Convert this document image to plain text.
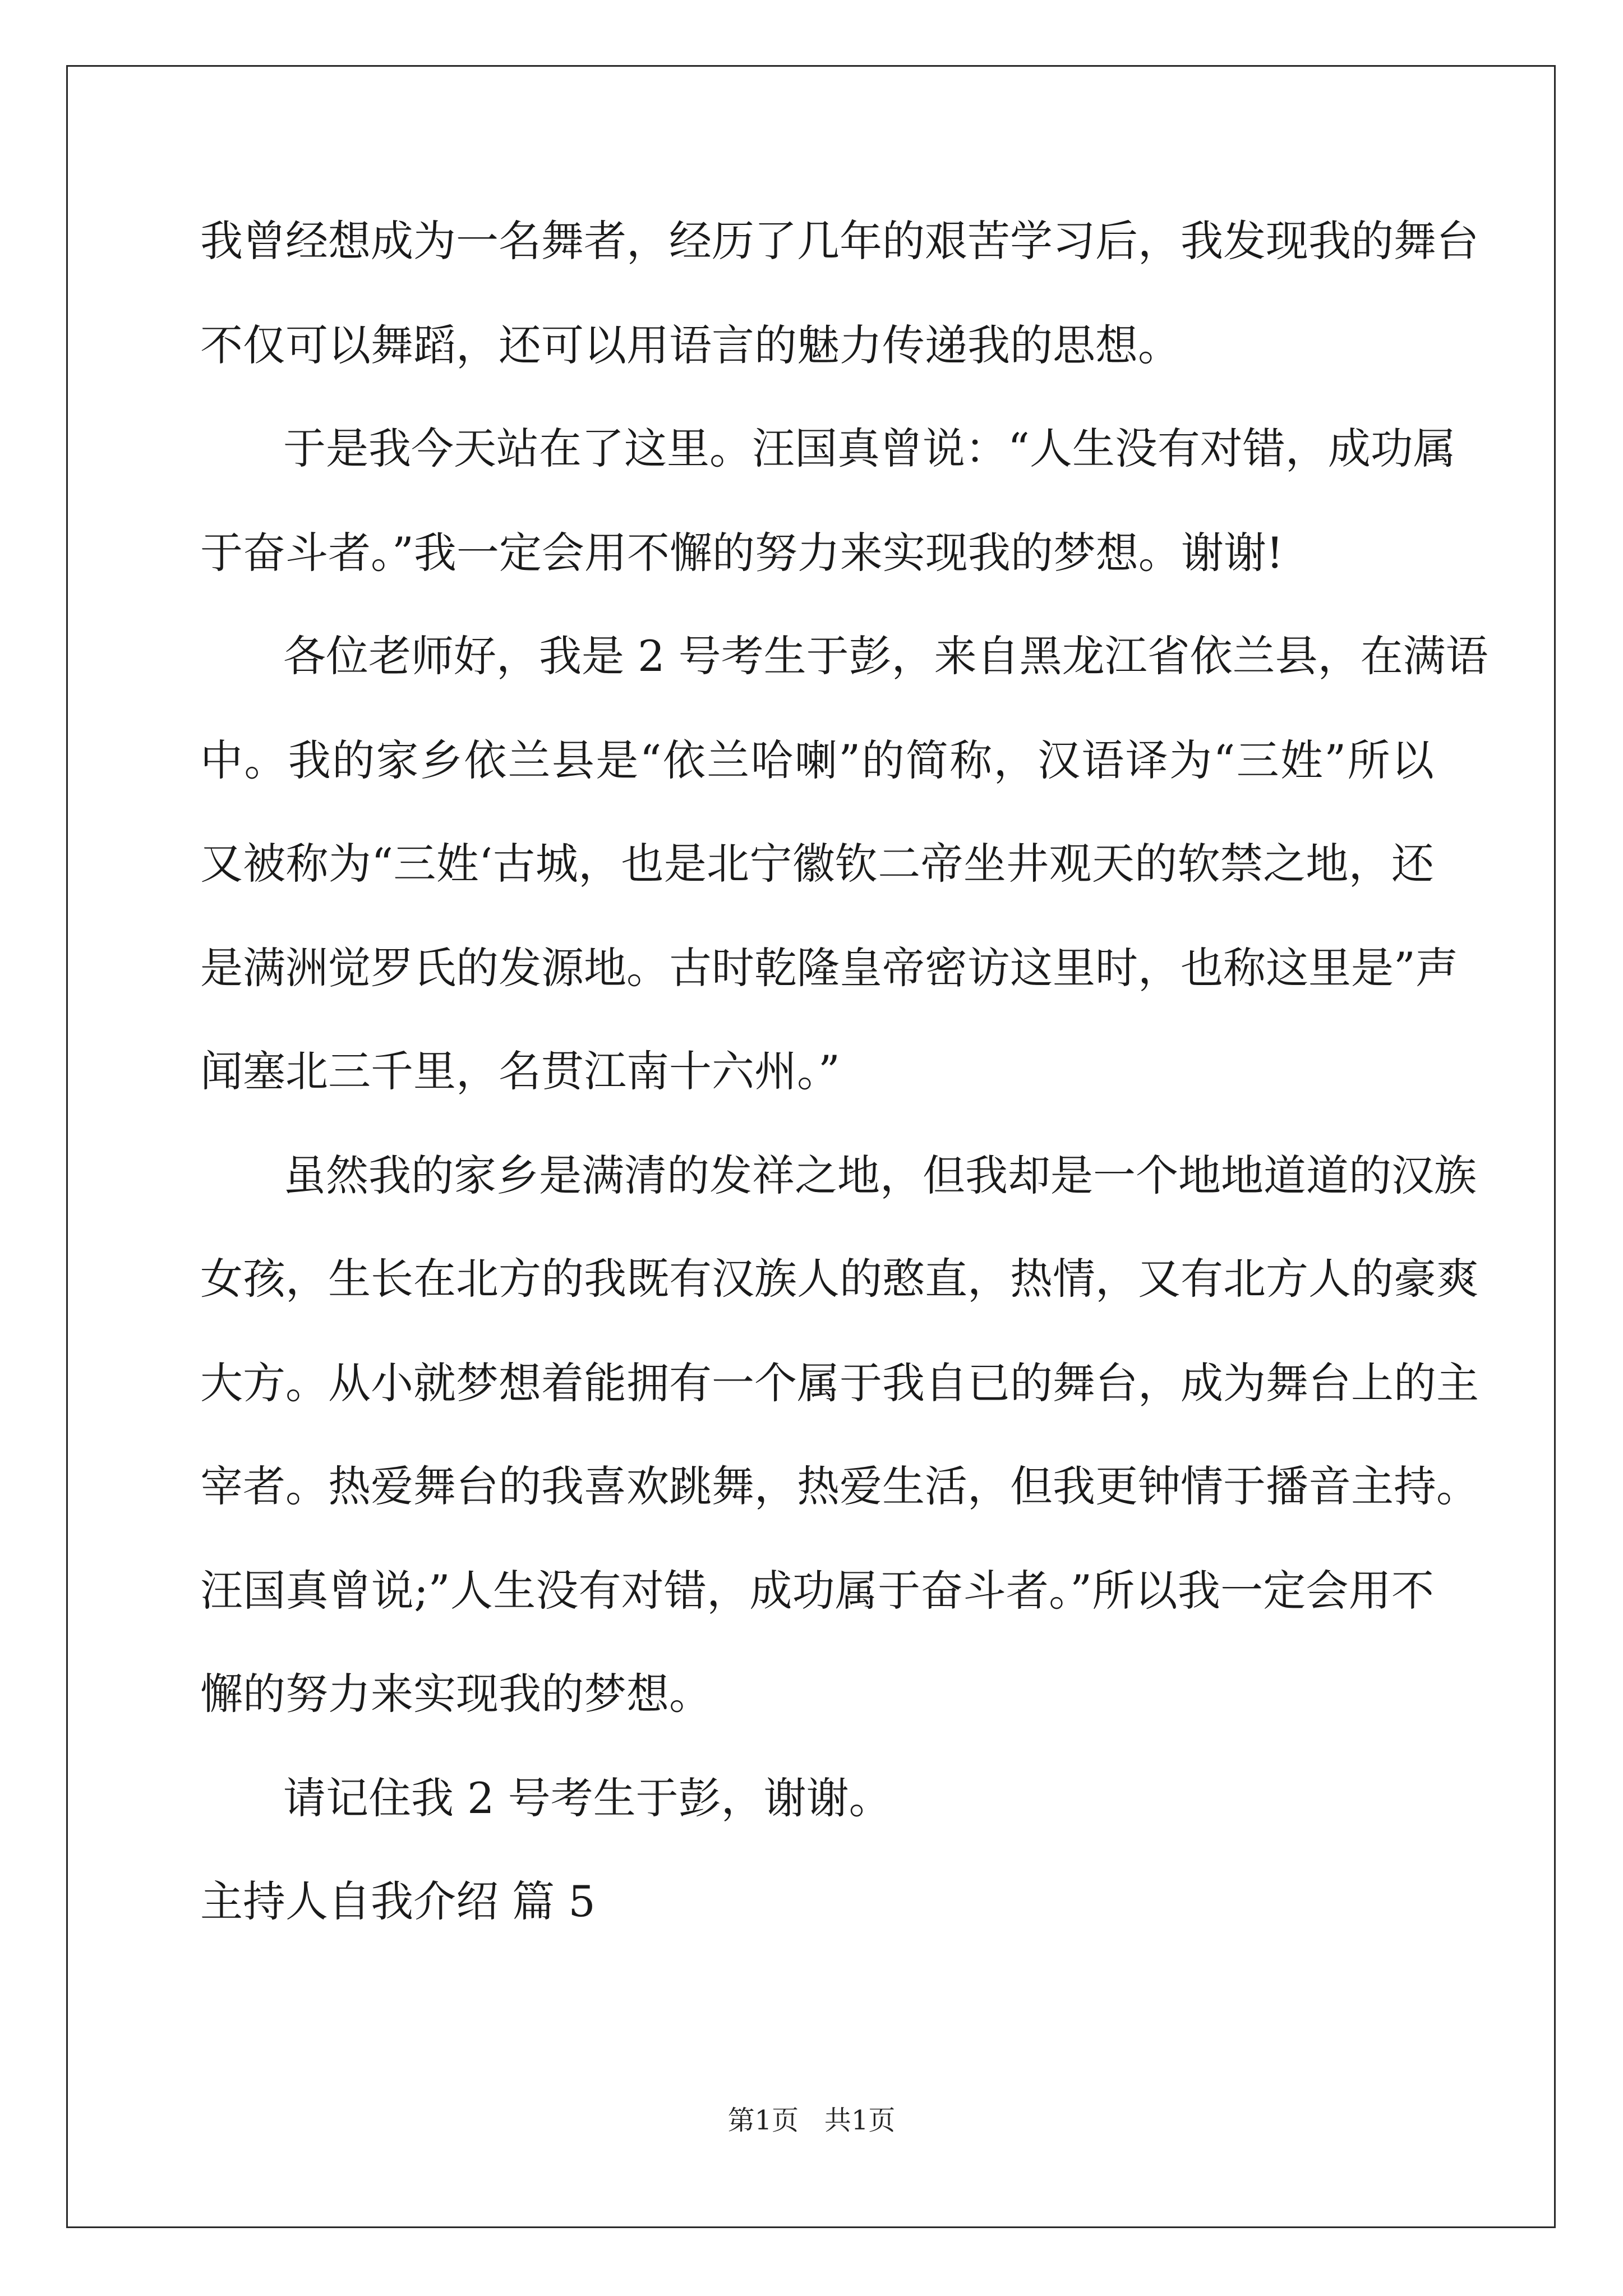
我曾经想成为一名舞者，经历了几年的艰苦学习后，我发现我的舞台
不仅可以舞蹈，还可以用语言的魅力传递我的思想。
于是我今天站在了这里。汪国真曾说：“人生没有对错，成功属
于奋斗者。”我一定会用不懈的努力来实现我的梦想。谢谢!
各位老师好，我是 2 号考生于彭，来自黑龙江省依兰县，在满语
中。我的家乡依兰县是“依兰哈喇”的简称，汉语译为“三姓”所以
又被称为“三姓‘古城，也是北宁徽钦二帝坐井观天的软禁之地，还
是满洲觉罗氏的发源地。古时乾隆皇帝密访这里时，也称这里是”声
闻塞北三千里，名贯江南十六州。”
虽然我的家乡是满清的发祥之地，但我却是一个地地道道的汉族
女孩，生长在北方的我既有汉族人的憨直，热情，又有北方人的豪爽
大方。从小就梦想着能拥有一个属于我自已的舞台，成为舞台上的主
宰者。热爱舞台的我喜欢跳舞，热爱生活，但我更钟情于播音主持。
汪国真曾说;”人生没有对错，成功属于奋斗者。”所以我一定会用不
懈的努力来实现我的梦想。
请记住我 2 号考生于彭，谢谢。
主持人自我介绍 篇 5
第1页   共1页
